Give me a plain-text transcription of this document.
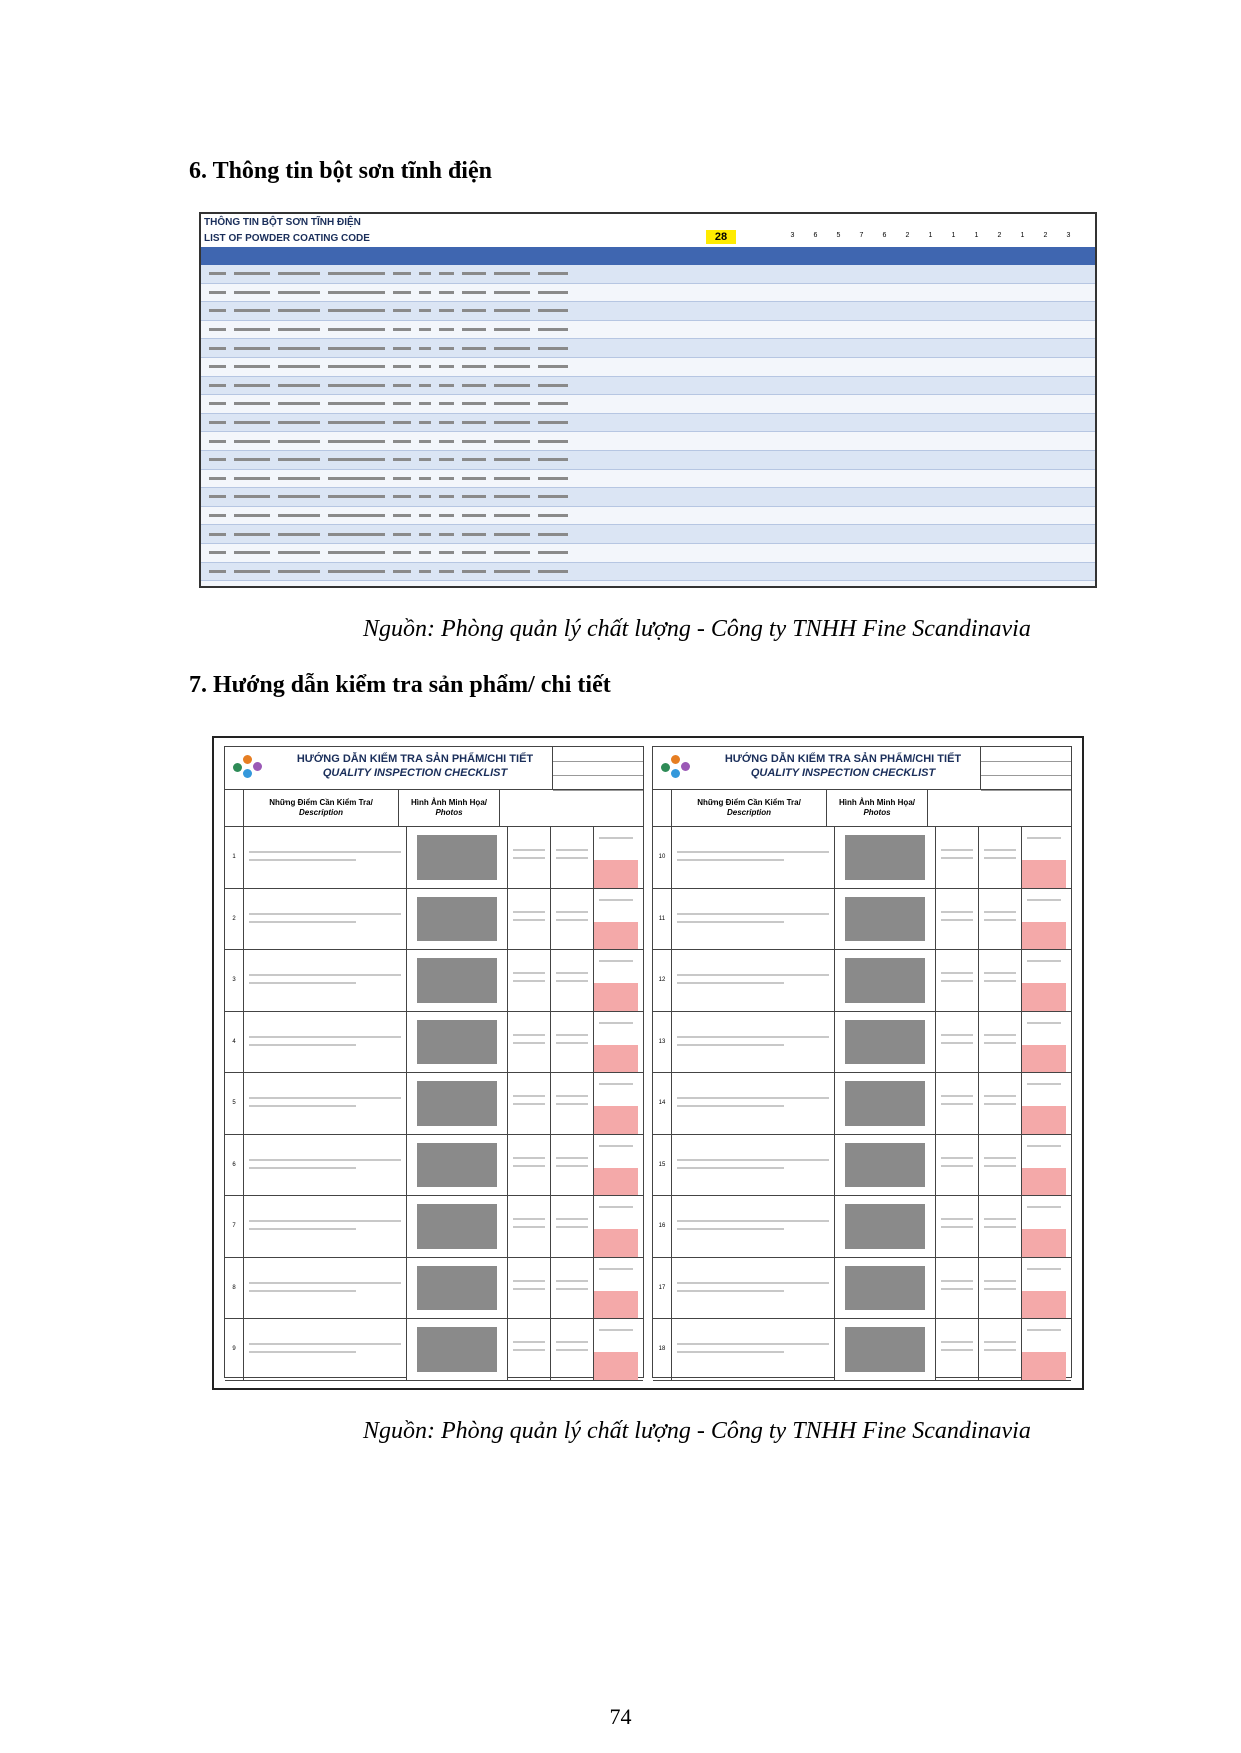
6. Thông tin bột sơn tĩnh điện
THÔNG TIN BỘT SƠN TĨNH ĐIỆN
LIST OF POWDER COATING CODE	28	3	6	5	7	6	2	1	1	1	2	1	2	3
Nguồn: Phòng quản lý chất lượng - Công ty TNHH Fine Scandinavia
7. Hướng dẫn kiểm tra sản phẩm/ chi tiết
HƯỚNG DẪN KIỂM TRA SẢN PHẨM/CHI TIẾT
QUALITY INSPECTION CHECKLIST
Những Điểm Cần Kiểm Tra/
Description
Hình Ảnh Minh Họa/
Photos
1
2
3
4
5
6
7
8
9
HƯỚNG DẪN KIỂM TRA SẢN PHẨM/CHI TIẾT
QUALITY INSPECTION CHECKLIST
Những Điểm Cần Kiểm Tra/
Description
Hình Ảnh Minh Họa/
Photos
10
11
12
13
14
15
16
17
18
Nguồn: Phòng quản lý chất lượng - Công ty TNHH Fine Scandinavia
74
